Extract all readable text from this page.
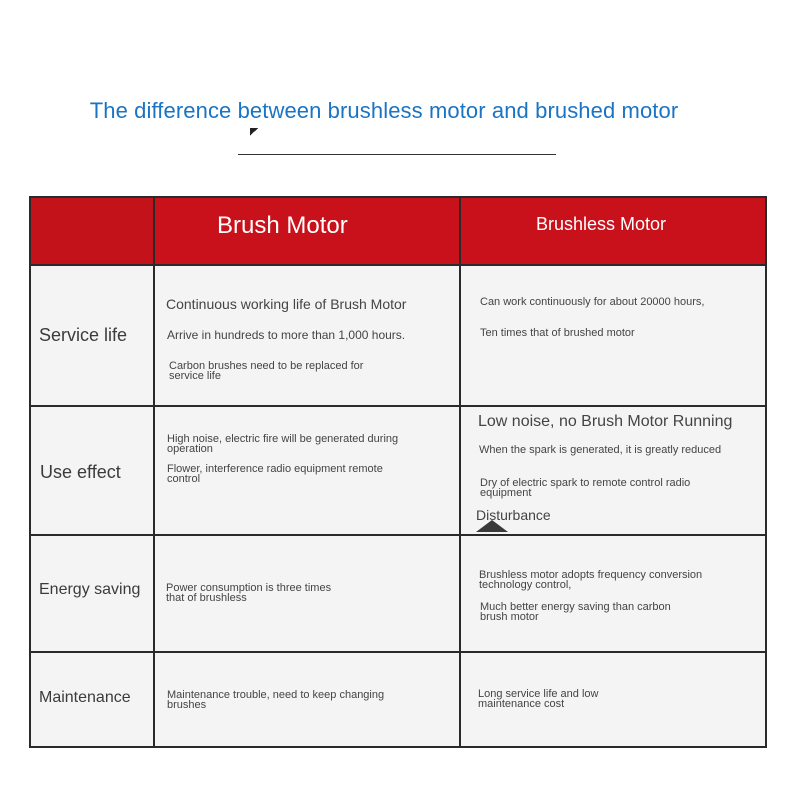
The difference between brushless motor and brushed motor
Brush Motor	Brushless Motor
Service life
Continuous working life of Brush Motor
Arrive in hundreds to more than 1,000 hours.
Carbon brushes need to be replaced for
service life
Can work continuously for about 20000 hours,
Ten times that of brushed motor
Use effect
High noise, electric fire will be generated during
operation
Flower, interference radio equipment remote
control
Low noise, no Brush Motor Running
When the spark is generated, it is greatly reduced
Dry of electric spark to remote control radio
equipment
Disturbance
Energy saving Power consumption is three times
that of brushless
Brushless motor adopts frequency conversion
technology control,
Much better energy saving than carbon
brush motor
Maintenance	Maintenance trouble, need to keep changing
brushes
Long service life and low
maintenance cost
